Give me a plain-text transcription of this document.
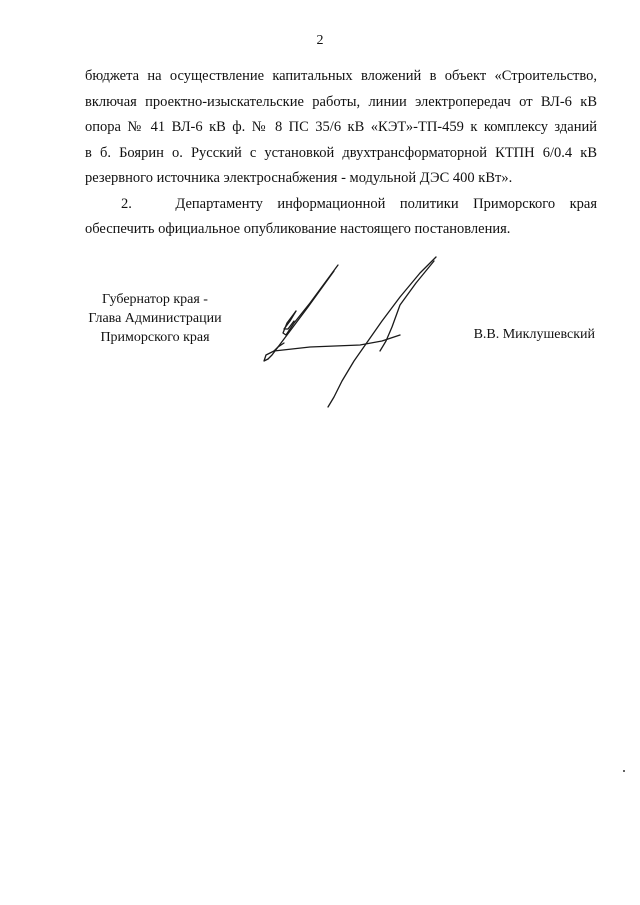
2

бюджета на осуществление капитальных вложений в объект «Строительство,
включая проектно-изыскательские работы, линии электропередач от ВЛ-6 кВ
опора № 41 ВЛ-6 кВ ф. № 8 ПС 35/6 кВ «КЭТ»-ТП-459 к комплексу зданий
в б. Боярин о. Русский с установкой двухтрансформаторной КТПН 6/0.4 кВ
резервного источника электроснабжения - модульной ДЭС 400 кВт».

2.	Департаменту информационной политики Приморского края
обеспечить официальное опубликование настоящего постановления.

Губернатор края -
Глава Администрации
Приморского края	В.В. Миклушевский
